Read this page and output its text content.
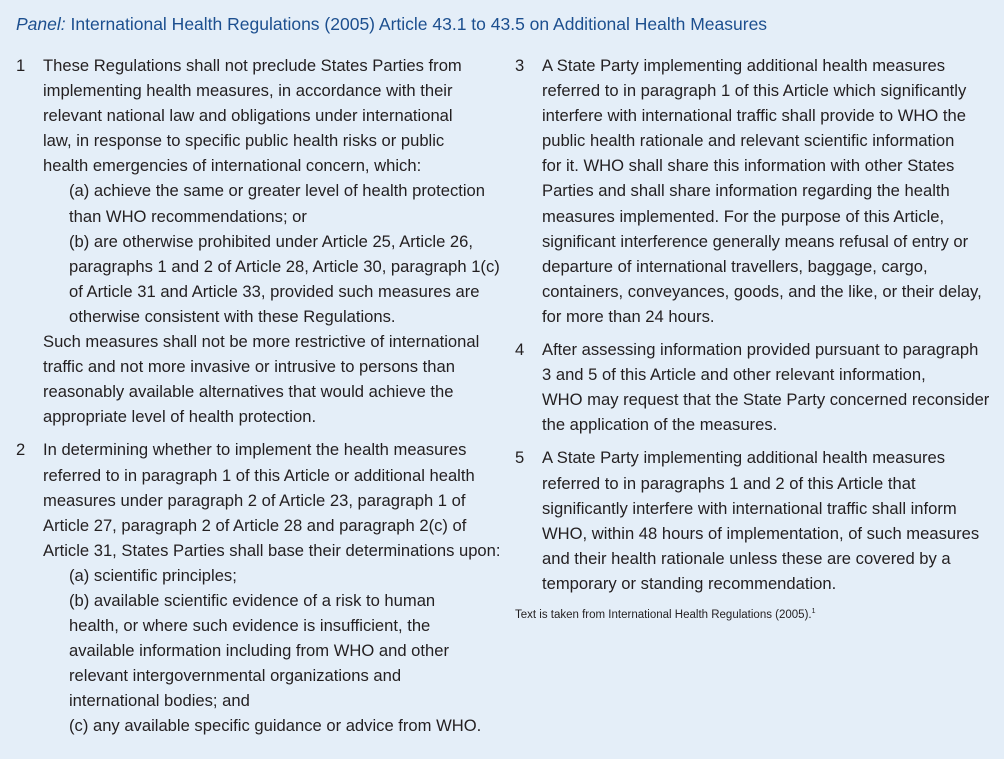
Panel: International Health Regulations (2005) Article 43.1 to 43.5 on Additional Health Measures
1 These Regulations shall not preclude States Parties from
implementing health measures, in accordance with their
relevant national law and obligations under international
law, in response to specific public health risks or public
health emergencies of international concern, which:
(a) achieve the same or greater level of health protection
than WHO recommendations; or
(b) are otherwise prohibited under Article 25, Article 26,
paragraphs 1 and 2 of Article 28, Article 30, paragraph 1(c)
of Article 31 and Article 33, provided such measures are
otherwise consistent with these Regulations.
Such measures shall not be more restrictive of international
traffic and not more invasive or intrusive to persons than
reasonably available alternatives that would achieve the
appropriate level of health protection.
2 In determining whether to implement the health measures
referred to in paragraph 1 of this Article or additional health
measures under paragraph 2 of Article 23, paragraph 1 of
Article 27, paragraph 2 of Article 28 and paragraph 2(c) of
Article 31, States Parties shall base their determinations upon:
(a) scientific principles;
(b) available scientific evidence of a risk to human
health, or where such evidence is insufficient, the
available information including from WHO and other
relevant intergovernmental organizations and
international bodies; and
(c) any available specific guidance or advice from WHO.
3 A State Party implementing additional health measures
referred to in paragraph 1 of this Article which significantly
interfere with international traffic shall provide to WHO the
public health rationale and relevant scientific information
for it. WHO shall share this information with other States
Parties and shall share information regarding the health
measures implemented. For the purpose of this Article,
significant interference generally means refusal of entry or
departure of international travellers, baggage, cargo,
containers, conveyances, goods, and the like, or their delay,
for more than 24 hours.
4 After assessing information provided pursuant to paragraph
3 and 5 of this Article and other relevant information,
WHO may request that the State Party concerned reconsider
the application of the measures.
5 A State Party implementing additional health measures
referred to in paragraphs 1 and 2 of this Article that
significantly interfere with international traffic shall inform
WHO, within 48 hours of implementation, of such measures
and their health rationale unless these are covered by a
temporary or standing recommendation.
Text is taken from International Health Regulations (2005).$^1$
